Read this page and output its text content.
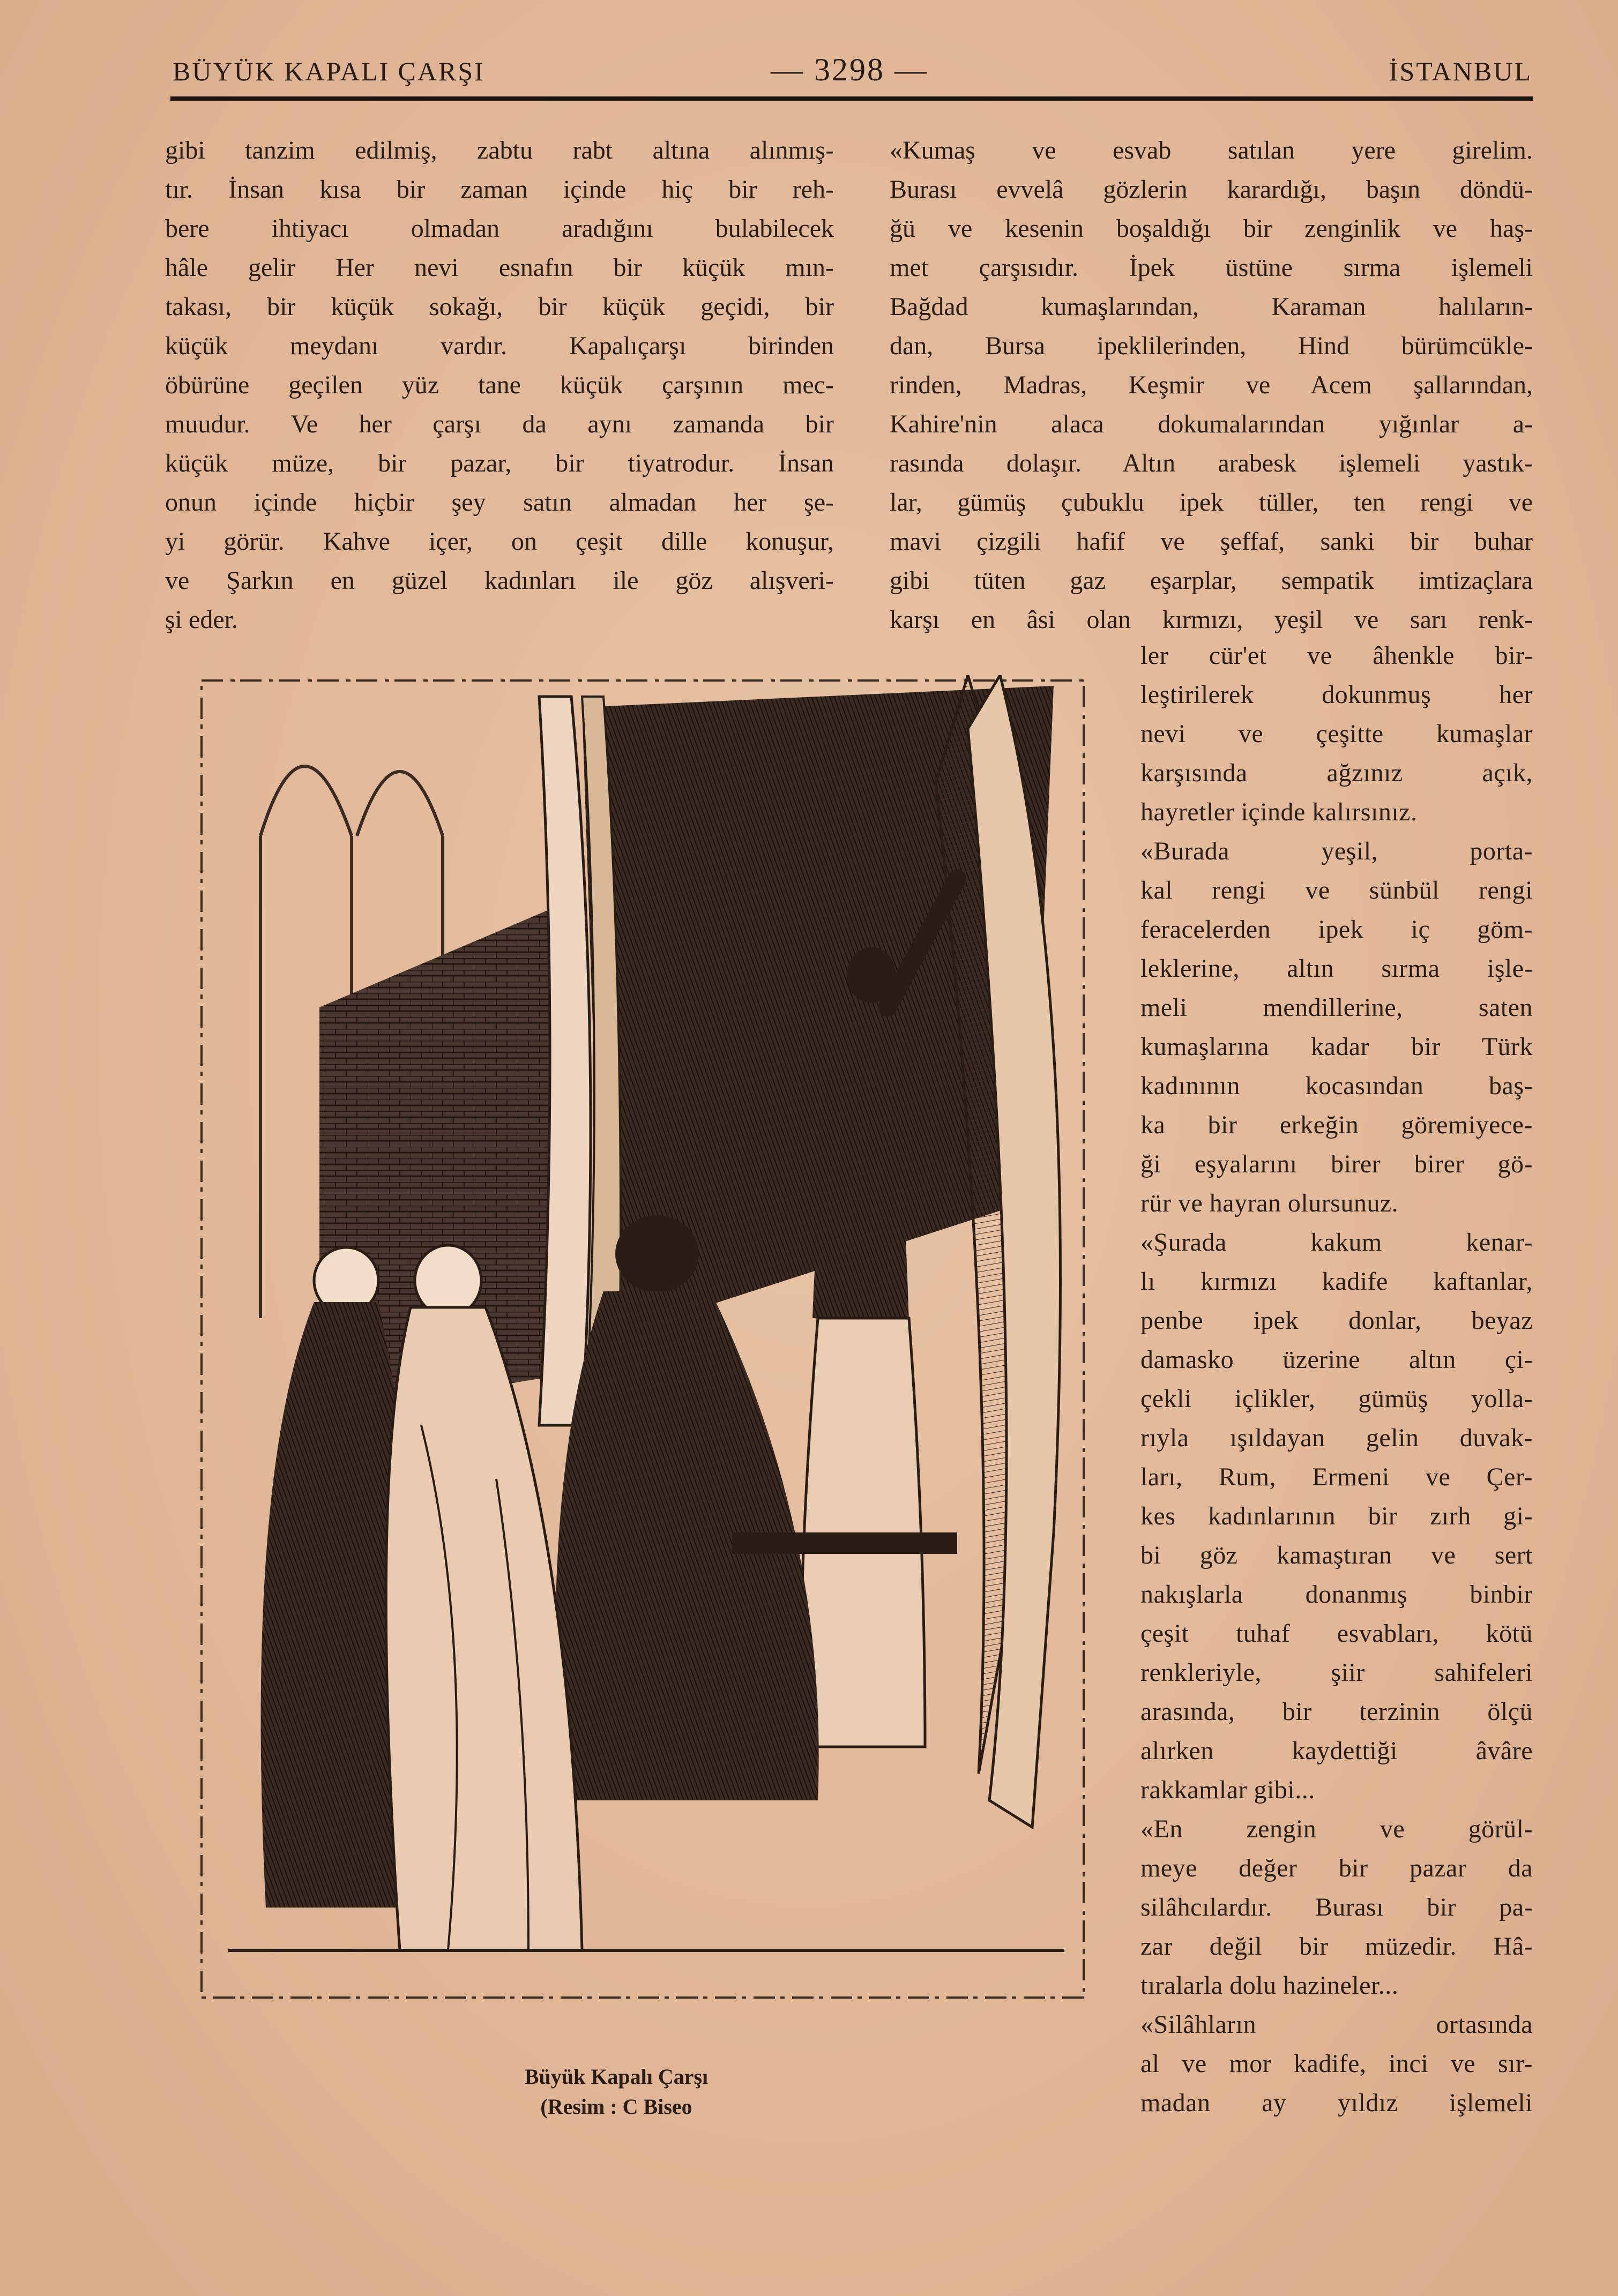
BÜYÜK KAPALI ÇARŞI	— 3298 —	İSTANBUL
gibi tanzim edilmiş, zabtu rabt altına alınmış-
tır. İnsan kısa bir zaman içinde hiç bir reh-
bere ihtiyacı olmadan aradığını bulabilecek
hâle gelir Her nevi esnafın bir küçük mın-
takası, bir küçük sokağı, bir küçük geçidi, bir
küçük meydanı vardır. Kapalıçarşı birinden
öbürüne geçilen yüz tane küçük çarşının mec-
muudur. Ve her çarşı da aynı zamanda bir
küçük müze, bir pazar, bir tiyatrodur. İnsan
onun içinde hiçbir şey satın almadan her şe-
yi görür. Kahve içer, on çeşit dille konuşur,
ve Şarkın en güzel kadınları ile göz alışveri-
şi eder.
«Kumaş ve esvab satılan yere girelim.
Burası evvelâ gözlerin karardığı, başın döndü-
ğü ve kesenin boşaldığı bir zenginlik ve haş-
met çarşısıdır. İpek üstüne sırma işlemeli
Bağdad kumaşlarından, Karaman halıların-
dan, Bursa ipeklilerinden, Hind bürümcükle-
rinden, Madras, Keşmir ve Acem şallarından,
Kahire'nin alaca dokumalarından yığınlar a-
rasında dolaşır. Altın arabesk işlemeli yastık-
lar, gümüş çubuklu ipek tüller, ten rengi ve
mavi çizgili hafif ve şeffaf, sanki bir buhar
gibi tüten gaz eşarplar, sempatik imtizaçlara
karşı en âsi olan kırmızı, yeşil ve sarı renk-
ler cür'et ve âhenkle bir-
leştirilerek dokunmuş her
nevi ve çeşitte kumaşlar
karşısında ağzınız açık,
hayretler içinde kalırsınız.
«Burada yeşil, porta-
kal rengi ve sünbül rengi
feracelerden ipek iç göm-
leklerine, altın sırma işle-
meli mendillerine, saten
kumaşlarına kadar bir Türk
kadınının kocasından baş-
ka bir erkeğin göremiyece-
ği eşyalarını birer birer gö-
rür ve hayran olursunuz.
«Şurada kakum kenar-
lı kırmızı kadife kaftanlar,
penbe ipek donlar, beyaz
damasko üzerine altın çi-
çekli içlikler, gümüş yolla-
rıyla ışıldayan gelin duvak-
ları, Rum, Ermeni ve Çer-
kes kadınlarının bir zırh gi-
bi göz kamaştıran ve sert
nakışlarla donanmış binbir
çeşit tuhaf esvabları, kötü
renkleriyle, şiir sahifeleri
arasında, bir terzinin ölçü
alırken kaydettiği âvâre
rakkamlar gibi...
«En zengin ve görül-
meye değer bir pazar da
silâhcılardır. Burası bir pa-
zar değil bir müzedir. Hâ-
tıralarla dolu hazineler...
«Silâhların ortasında
al ve mor kadife, inci ve sır-
madan ay yıldız işlemeli
Büyük Kapalı Çarşı
(Resim : C Biseo
